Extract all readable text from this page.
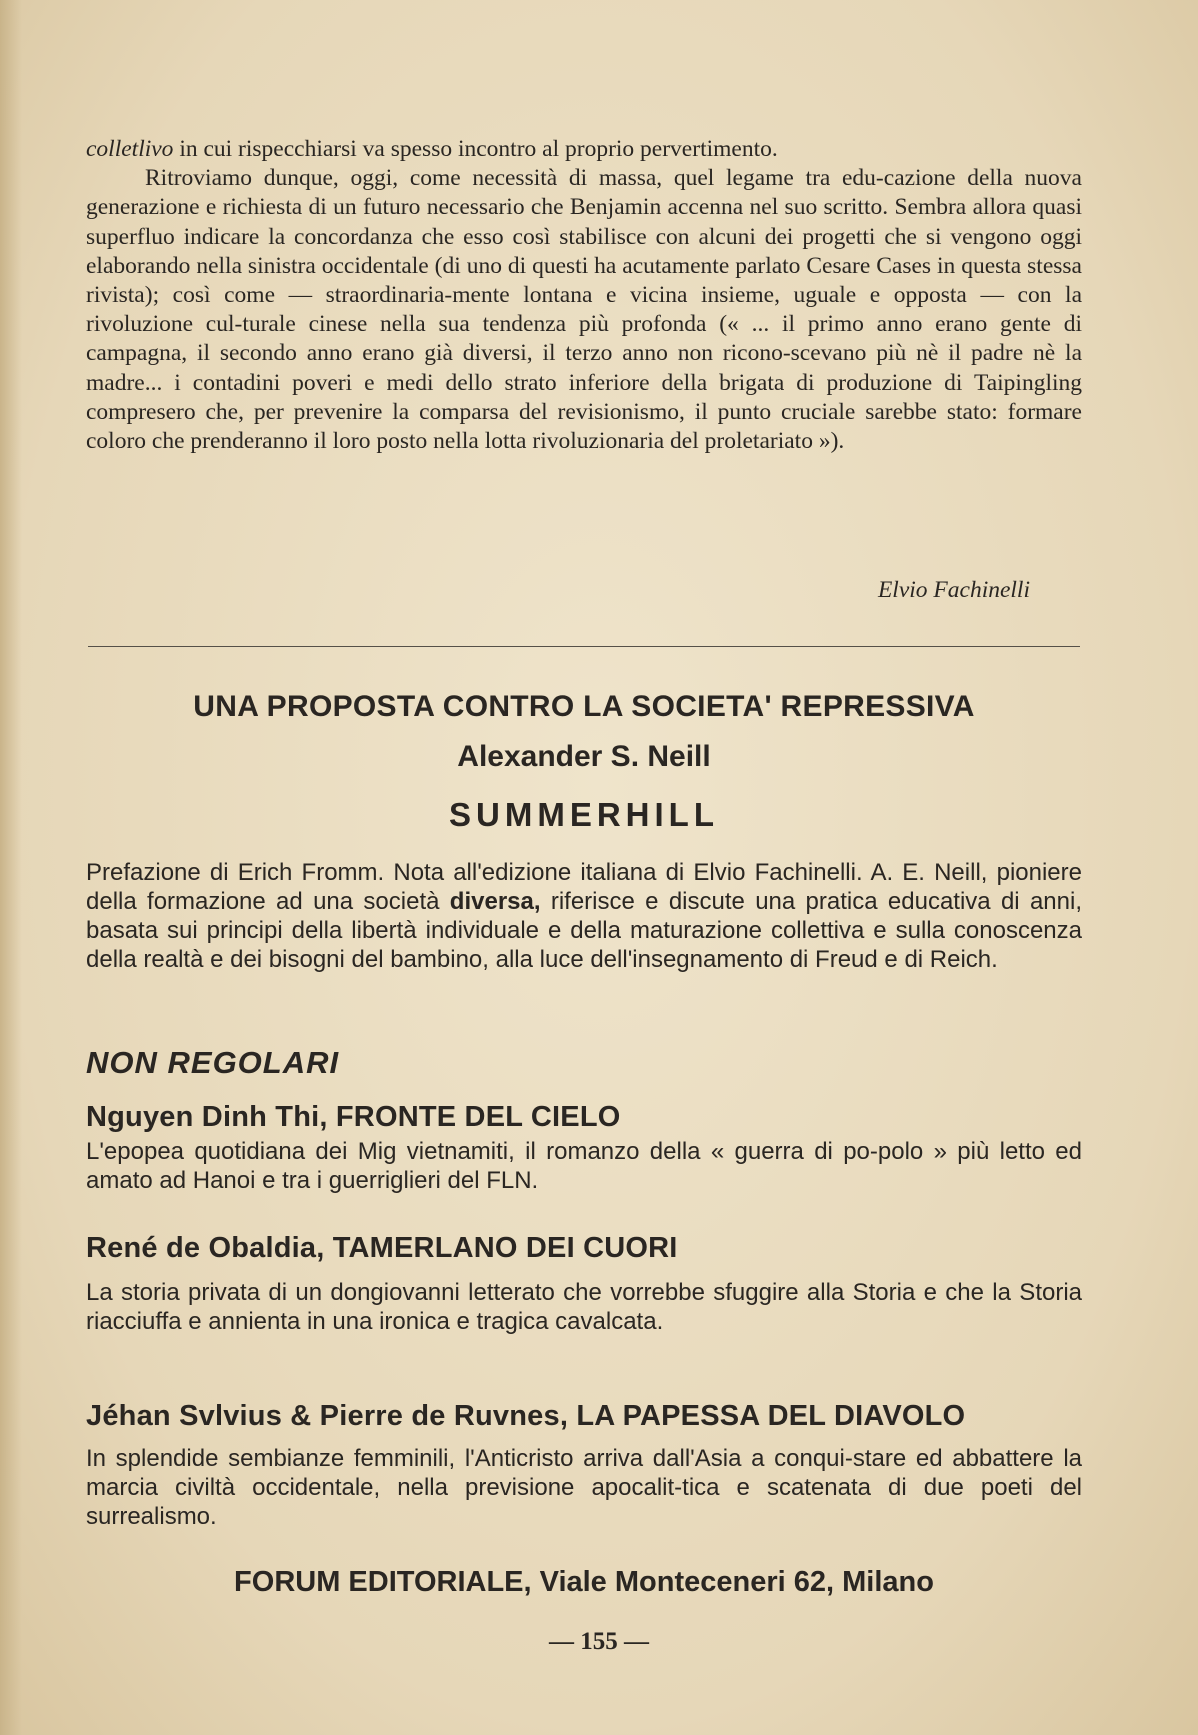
colletlivo in cui rispecchiarsi va spesso incontro al proprio pervertimento.

Ritroviamo dunque, oggi, come necessità di massa, quel legame tra edu-cazione della nuova generazione e richiesta di un futuro necessario che Benjamin accenna nel suo scritto. Sembra allora quasi superfluo indicare la concordanza che esso così stabilisce con alcuni dei progetti che si vengono oggi elaborando nella sinistra occidentale (di uno di questi ha acutamente parlato Cesare Cases in questa stessa rivista); così come — straordinaria-mente lontana e vicina insieme, uguale e opposta — con la rivoluzione cul-turale cinese nella sua tendenza più profonda (« ... il primo anno erano gente di campagna, il secondo anno erano già diversi, il terzo anno non ricono-scevano più nè il padre nè la madre... i contadini poveri e medi dello strato inferiore della brigata di produzione di Taipingling compresero che, per prevenire la comparsa del revisionismo, il punto cruciale sarebbe stato: formare coloro che prenderanno il loro posto nella lotta rivoluzionaria del proletariato »).

Elvio Fachinelli
UNA PROPOSTA CONTRO LA SOCIETA' REPRESSIVA
Alexander S. Neill
SUMMERHILL
Prefazione di Erich Fromm. Nota all'edizione italiana di Elvio Fachinelli. A. E. Neill, pioniere della formazione ad una società diversa, riferisce e discute una pratica educativa di anni, basata sui principi della libertà individuale e della maturazione collettiva e sulla conoscenza della realtà e dei bisogni del bambino, alla luce dell'insegnamento di Freud e di Reich.
NON REGOLARI
Nguyen Dinh Thi, FRONTE DEL CIELO
L'epopea quotidiana dei Mig vietnamiti, il romanzo della « guerra di po-polo » più letto ed amato ad Hanoi e tra i guerriglieri del FLN.
René de Obaldia, TAMERLANO DEI CUORI
La storia privata di un dongiovanni letterato che vorrebbe sfuggire alla Storia e che la Storia riacciuffa e annienta in una ironica e tragica cavalcata.
Jéhan Svlvius & Pierre de Ruvnes, LA PAPESSA DEL DIAVOLO
In splendide sembianze femminili, l'Anticristo arriva dall'Asia a conqui-stare ed abbattere la marcia civiltà occidentale, nella previsione apocalit-tica e scatenata di due poeti del surrealismo.
FORUM EDITORIALE, Viale Monteceneri 62, Milano
— 155 —
